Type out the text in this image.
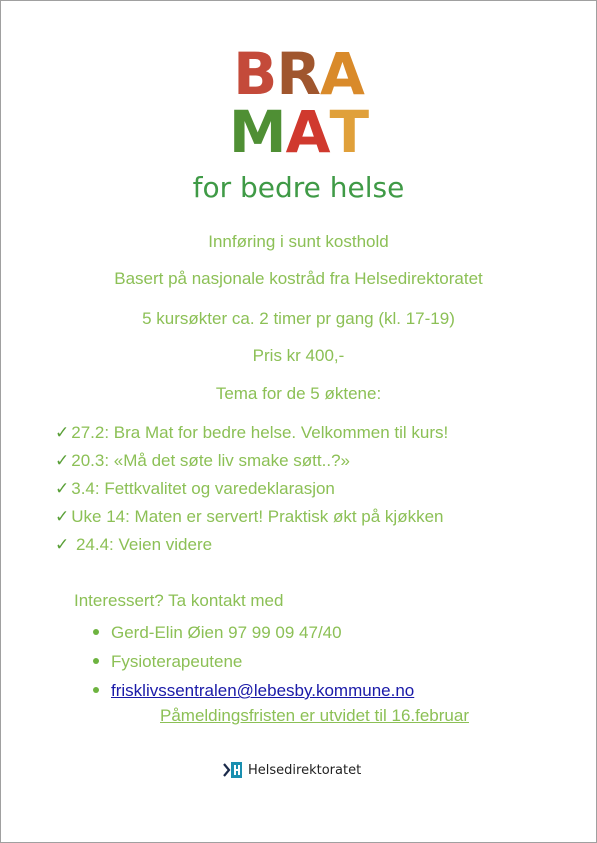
BRA
MAT
for bedre helse
Innføring i sunt kosthold
Basert på nasjonale kostråd fra Helsedirektoratet
5 kursøkter ca. 2 timer pr gang (kl. 17-19)
Pris kr 400,-
Tema for de 5 øktene:
✓ 27.2: Bra Mat for bedre helse. Velkommen til kurs!
✓ 20.3: «Må det søte liv smake søtt..?»
✓ 3.4: Fettkvalitet og varedeklarasjon
✓ Uke 14: Maten er servert! Praktisk økt på kjøkken
✓ 24.4: Veien videre
Interessert? Ta kontakt med
Gerd-Elin Øien 97 99 09 47/40
Fysioterapeutene
frisklivssentralen@lebesby.kommune.no
Påmeldingsfristen er utvidet til 16.februar
Helsedirektoratet
